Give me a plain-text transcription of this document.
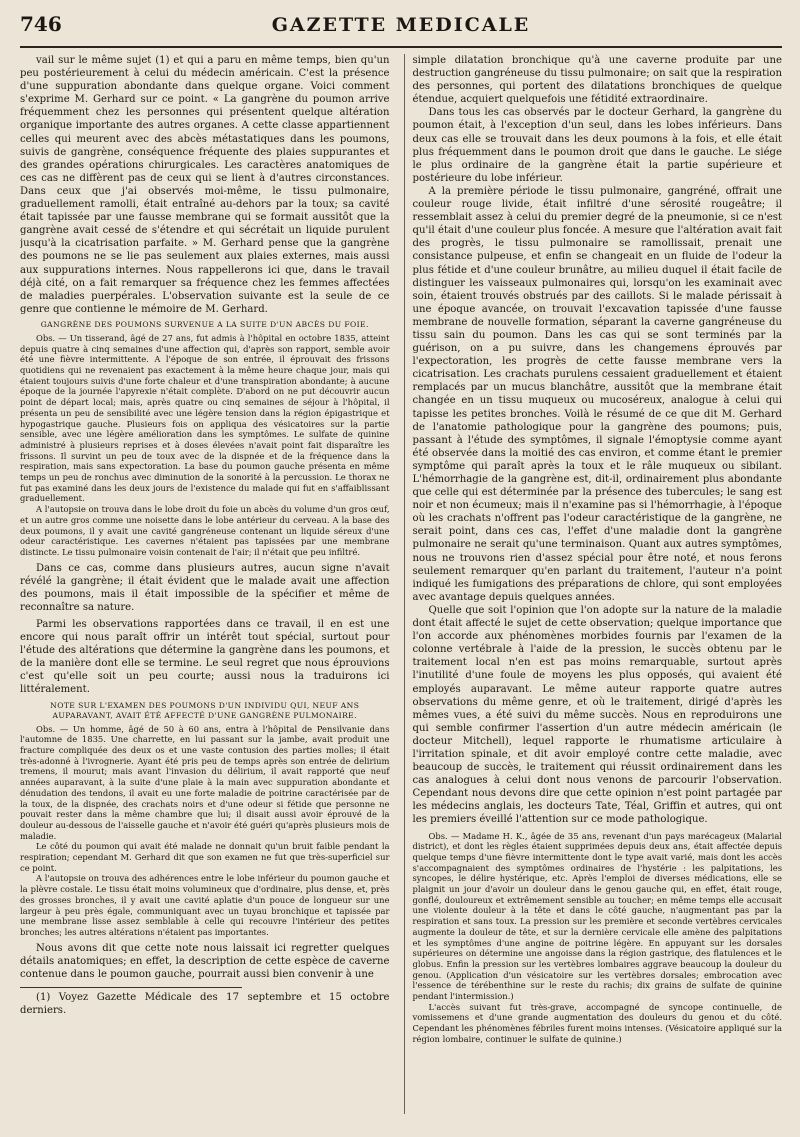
746	GAZETTE MEDICALE

vail sur le même sujet (1) et qui a paru en même temps, bien qu'un peu postérieurement à celui du médecin américain. C'est la présence d'une suppuration abondante dans quelque organe. Voici comment s'exprime M. Gerhard sur ce point. « La gangrène du poumon arrive fréquemment chez les personnes qui présentent quelque altération organique importante des autres organes. A cette classe appartiennent celles qui meurent avec des abcès métastatiques dans les poumons, suivis de gangrène, conséquence fréquente des plaies suppurantes et des grandes opérations chirurgicales. Les caractères anatomiques de ces cas ne diffèrent pas de ceux qui se lient à d'autres circonstances. Dans ceux que j'ai observés moi-même, le tissu pulmonaire, graduellement ramolli, était entraîné au-dehors par la toux; sa cavité était tapissée par une fausse membrane qui se formait aussitôt que la gangrène avait cessé de s'étendre et qui sécrétait un liquide purulent jusqu'à la cicatrisation parfaite. » M. Gerhard pense que la gangrène des poumons ne se lie pas seulement aux plaies externes, mais aussi aux suppurations internes. Nous rappellerons ici que, dans le travail déjà cité, on a fait remarquer sa fréquence chez les femmes affectées de maladies puerpérales. L'observation suivante est la seule de ce genre que contienne le mémoire de M. Gerhard.

GANGRÈNE DES POUMONS SURVENUE A LA SUITE D'UN ABCÈS DU FOIE.

Obs. — Un tisserand, âgé de 27 ans, fut admis à l'hôpital en octobre 1835, atteint depuis quatre à cinq semaines d'une affection qui, d'après son rapport, semble avoir été une fièvre intermittente. A l'époque de son entrée, il éprouvait des frissons quotidiens qui ne revenaient pas exactement à la même heure chaque jour, mais qui étaient toujours suivis d'une forte chaleur et d'une transpiration abondante; à aucune époque de la journée l'apyrexie n'était complète. D'abord on ne put découvrir aucun point de départ local; mais, après quatre ou cinq semaines de séjour à l'hôpital, il présenta un peu de sensibilité avec une légère tension dans la région épigastrique et hypogastrique gauche. Plusieurs fois on appliqua des vésicatoires sur la partie sensible, avec une légère amélioration dans les symptômes. Le sulfate de quinine administré à plusieurs reprises et à doses élevées n'avait point fait disparaître les frissons. Il survint un peu de toux avec de la dispnée et de la fréquence dans la respiration, mais sans expectoration. La base du poumon gauche présenta en même temps un peu de ronchus avec diminution de la sonorité à la percussion. Le thorax ne fut pas examiné dans les deux jours de l'existence du malade qui fut en s'affaiblissant graduellement.

A l'autopsie on trouva dans le lobe droit du foie un abcès du volume d'un gros œuf, et un autre gros comme une noisette dans le lobe antérieur du cerveau. A la base des deux poumons, il y avait une cavité gangréneuse contenant un liquide séreux d'une odeur caractéristique. Les cavernes n'étaient pas tapissées par une membrane distincte. Le tissu pulmonaire voisin contenait de l'air; il n'était que peu infiltré.

Dans ce cas, comme dans plusieurs autres, aucun signe n'avait révélé la gangrène; il était évident que le malade avait une affection des poumons, mais il était impossible de la spécifier et même de reconnaître sa nature.

Parmi les observations rapportées dans ce travail, il en est une encore qui nous paraît offrir un intérêt tout spécial, surtout pour l'étude des altérations que détermine la gangrène dans les poumons, et de la manière dont elle se termine. Le seul regret que nous éprouvions c'est qu'elle soit un peu courte; aussi nous la traduirons ici littéralement.

NOTE SUR L'EXAMEN DES POUMONS D'UN INDIVIDU QUI, NEUF ANS AUPARAVANT, AVAIT ÉTÉ AFFECTÉ D'UNE GANGRÈNE PULMONAIRE.

Obs. — Un homme, âgé de 50 à 60 ans, entra à l'hôpital de Pensilvanie dans l'automne de 1835. Une charrette, en lui passant sur la jambe, avait produit une fracture compliquée des deux os et une vaste contusion des parties molles; il était très-adonné à l'ivrognerie. Ayant été pris peu de temps après son entrée de delirium tremens, il mourut; mais avant l'invasion du délirium, il avait rapporté que neuf années auparavant, à la suite d'une plaie à la main avec suppuration abondante et dénudation des tendons, il avait eu une forte maladie de poitrine caractérisée par de la toux, de la dispnée, des crachats noirs et d'une odeur si fétide que personne ne pouvait rester dans la même chambre que lui; il disait aussi avoir éprouvé de la douleur au-dessous de l'aisselle gauche et n'avoir été guéri qu'après plusieurs mois de maladie.

Le côté du poumon qui avait été malade ne donnait qu'un bruit faible pendant la respiration; cependant M. Gerhard dit que son examen ne fut que très-superficiel sur ce point.

A l'autopsie on trouva des adhérences entre le lobe inférieur du poumon gauche et la plèvre costale. Le tissu était moins volumineux que d'ordinaire, plus dense, et, près des grosses bronches, il y avait une cavité aplatie d'un pouce de longueur sur une largeur à peu près égale, communiquant avec un tuyau bronchique et tapissée par une membrane lisse assez semblable à celle qui recouvre l'intérieur des petites bronches; les autres altérations n'étaient pas importantes.

Nous avons dit que cette note nous laissait ici regretter quelques détails anatomiques; en effet, la description de cette espèce de caverne contenue dans le poumon gauche, pourrait aussi bien convenir à une

(1) Voyez Gazette Médicale des 17 septembre et 15 octobre derniers.

simple dilatation bronchique qu'à une caverne produite par une destruction gangréneuse du tissu pulmonaire; on sait que la respiration des personnes, qui portent des dilatations bronchiques de quelque étendue, acquiert quelquefois une fétidité extraordinaire.

Dans tous les cas observés par le docteur Gerhard, la gangrène du poumon était, à l'exception d'un seul, dans les lobes inférieurs. Dans deux cas elle se trouvait dans les deux poumons à la fois, et elle était plus fréquemment dans le poumon droit que dans le gauche. Le siége le plus ordinaire de la gangrène était la partie supérieure et postérieure du lobe inférieur.

A la première période le tissu pulmonaire, gangréné, offrait une couleur rouge livide, était infiltré d'une sérosité rougeâtre; il ressemblait assez à celui du premier degré de la pneumonie, si ce n'est qu'il était d'une couleur plus foncée. A mesure que l'altération avait fait des progrès, le tissu pulmonaire se ramollissait, prenait une consistance pulpeuse, et enfin se changeait en un fluide de l'odeur la plus fétide et d'une couleur brunâtre, au milieu duquel il était facile de distinguer les vaisseaux pulmonaires qui, lorsqu'on les examinait avec soin, étaient trouvés obstrués par des caillots. Si le malade périssait à une époque avancée, on trouvait l'excavation tapissée d'une fausse membrane de nouvelle formation, séparant la caverne gangréneuse du tissu sain du poumon. Dans les cas qui se sont terminés par la guérison, on a pu suivre, dans les changemens éprouvés par l'expectoration, les progrès de cette fausse membrane vers la cicatrisation. Les crachats purulens cessaient graduellement et étaient remplacés par un mucus blanchâtre, aussitôt que la membrane était changée en un tissu muqueux ou mucoséreux, analogue à celui qui tapisse les petites bronches. Voilà le résumé de ce que dit M. Gerhard de l'anatomie pathologique pour la gangrène des poumons; puis, passant à l'étude des symptômes, il signale l'émoptysie comme ayant été observée dans la moitié des cas environ, et comme étant le premier symptôme qui paraît après la toux et le râle muqueux ou sibilant. L'hémorrhagie de la gangrène est, dit-il, ordinairement plus abondante que celle qui est déterminée par la présence des tubercules; le sang est noir et non écumeux; mais il n'examine pas si l'hémorrhagie, à l'époque où les crachats n'offrent pas l'odeur caractéristique de la gangrène, ne serait point, dans ces cas, l'effet d'une maladie dont la gangrène pulmonaire ne serait qu'une terminaison. Quant aux autres symptômes, nous ne trouvons rien d'assez spécial pour être noté, et nous ferons seulement remarquer qu'en parlant du traitement, l'auteur n'a point indiqué les fumigations des préparations de chlore, qui sont employées avec avantage depuis quelques années.

Quelle que soit l'opinion que l'on adopte sur la nature de la maladie dont était affecté le sujet de cette observation; quelque importance que l'on accorde aux phénomènes morbides fournis par l'examen de la colonne vertébrale à l'aide de la pression, le succès obtenu par le traitement local n'en est pas moins remarquable, surtout après l'inutilité d'une foule de moyens les plus opposés, qui avaient été employés auparavant. Le même auteur rapporte quatre autres observations du même genre, et où le traitement, dirigé d'après les mêmes vues, a été suivi du même succès. Nous en reproduirons une qui semble confirmer l'assertion d'un autre médecin américain (le docteur Mitchell), lequel rapporte le rhumatisme articulaire à l'irritation spinale, et dit avoir employé contre cette maladie, avec beaucoup de succès, le traitement qui réussit ordinairement dans les cas analogues à celui dont nous venons de parcourir l'observation. Cependant nous devons dire que cette opinion n'est point partagée par les médecins anglais, les docteurs Tate, Téal, Griffin et autres, qui ont les premiers éveillé l'attention sur ce mode pathologique.

Obs. — Madame H. K., âgée de 35 ans, revenant d'un pays marécageux (Malarial district), et dont les règles étaient supprimées depuis deux ans, était affectée depuis quelque temps d'une fièvre intermittente dont le type avait varié, mais dont les accès s'accompagnaient des symptômes ordinaires de l'hystérie : les palpitations, les syncopes, le délire hystérique, etc. Après l'emploi de diverses médications, elle se plaignit un jour d'avoir un douleur dans le genou gauche qui, en effet, était rouge, gonflé, douloureux et extrêmement sensible au toucher; en même temps elle accusait une violente douleur à la tête et dans le côté gauche, n'augmentant pas par la respiration et sans toux. La pression sur les première et seconde vertèbres cervicales augmente la douleur de tête, et sur la dernière cervicale elle amène des palpitations et les symptômes d'une angine de poitrine légère. En appuyant sur les dorsales supérieures on détermine une angoisse dans la région gastrique, des flatulences et le globus. Enfin la pression sur les vertèbres lombaires aggrave beaucoup la douleur du genou. (Application d'un vésicatoire sur les vertèbres dorsales; embrocation avec l'essence de térébenthine sur le reste du rachis; dix grains de sulfate de quinine pendant l'intermission.)

L'accès suivant fut très-grave, accompagné de syncope continuelle, de vomissemens et d'une grande augmentation des douleurs du genou et du côté. Cependant les phénomènes fébriles furent moins intenses. (Vésicatoire appliqué sur la région lombaire, continuer le sulfate de quinine.)
